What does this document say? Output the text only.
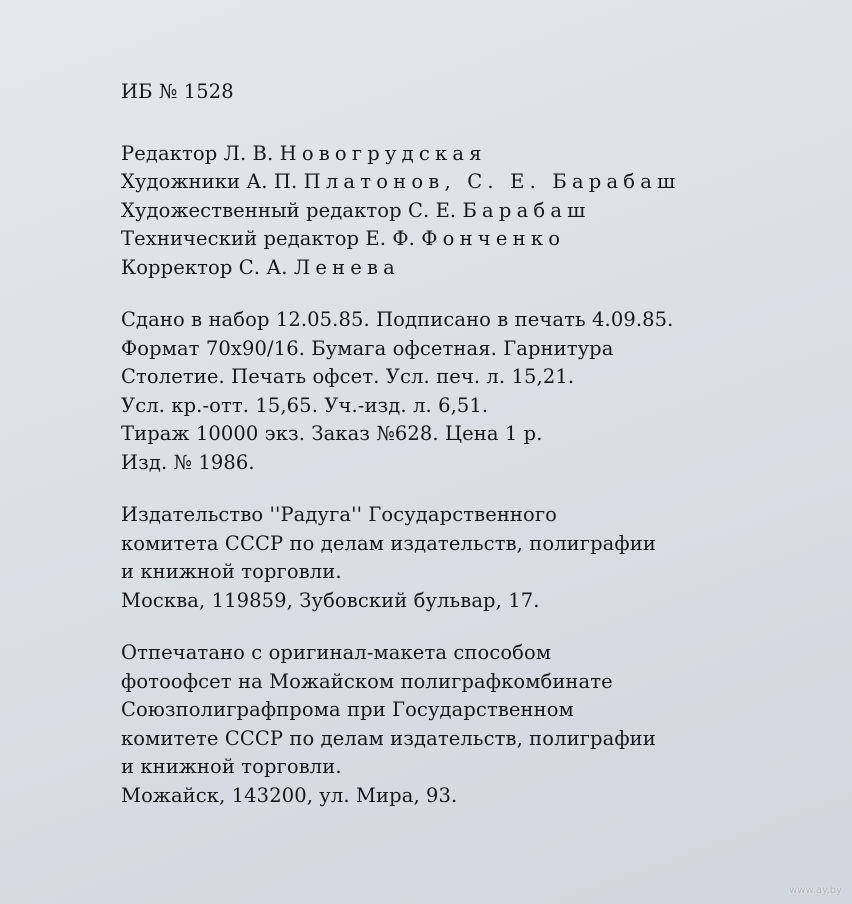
ИБ № 1528
Редактор Л. В. Новогрудская
Художники А. П. Платонов, С. Е. Барабаш
Художественный редактор С. Е. Барабаш
Технический редактор Е. Ф. Фонченко
Корректор С. А. Ленева
Сдано в набор 12.05.85. Подписано в печать 4.09.85.
Формат 70х90/16. Бумага офсетная. Гарнитура
Столетие. Печать офсет. Усл. печ. л. 15,21.
Усл. кр.-отт. 15,65. Уч.-изд. л. 6,51.
Тираж 10000 экз. Заказ №628. Цена 1 р.
Изд. № 1986.
Издательство ''Радуга'' Государственного
комитета СССР по делам издательств, полиграфии
и книжной торговли.
Москва, 119859, Зубовский бульвар, 17.
Отпечатано с оригинал-макета способом
фотоофсет на Можайском полиграфкомбинате
Союзполиграфпрома при Государственном
комитете СССР по делам издательств, полиграфии
и книжной торговли.
Можайск, 143200, ул. Мира, 93.
www.ay.by
